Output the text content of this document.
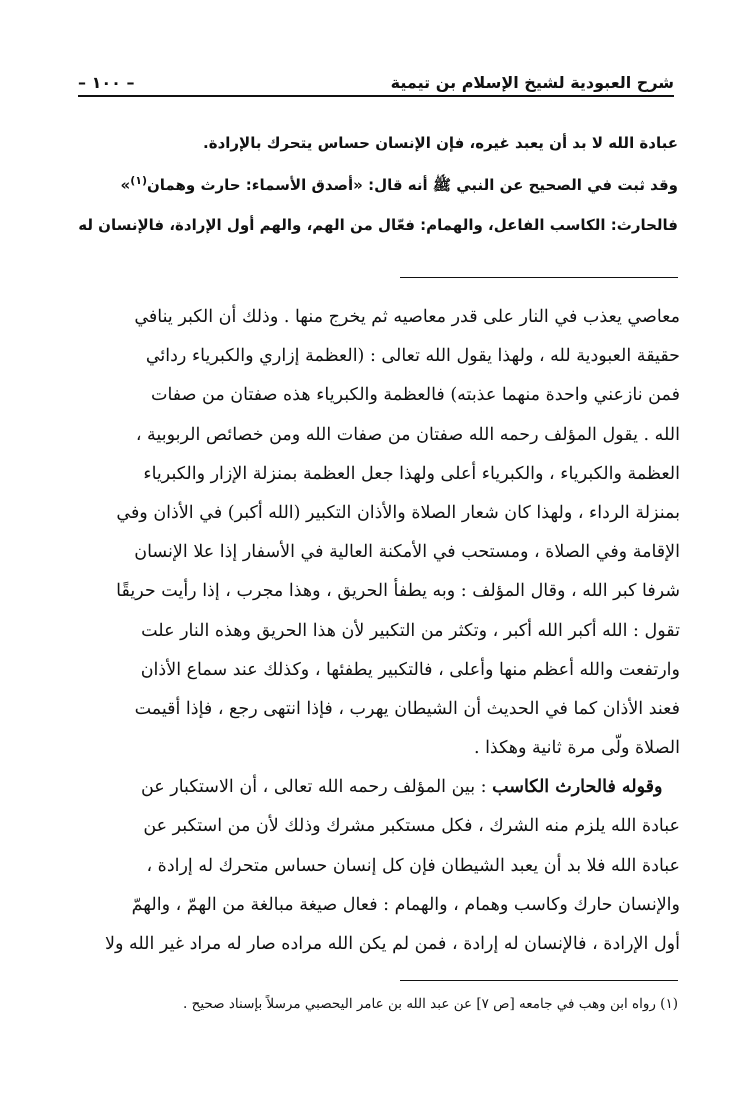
شرح العبودية لشيخ الإسلام بن تيمية
– ١٠٠ –
عبادة الله لا بد أن يعبد غيره، فإن الإنسان حساس يتحرك بالإرادة.
وقد ثبت في الصحيح عن النبي ﷺ أنه قال: «أصدق الأسماء: حارث وهمان$^{(١)}$»
فالحارث: الكاسب الفاعل، والهمام: فعّال من الهم، والهم أول الإرادة، فالإنسان له
معاصي يعذب في النار على قدر معاصيه ثم يخرج منها . وذلك أن الكبر ينافي
حقيقة العبودية لله ، ولهذا يقول الله تعالى : (العظمة إزاري والكبرياء ردائي
فمن نازعني واحدة منهما عذبته) فالعظمة والكبرياء هذه صفتان من صفات
الله . يقول المؤلف رحمه الله صفتان من صفات الله ومن خصائص الربوبية ،
العظمة والكبرياء ، والكبرياء أعلى ولهذا جعل العظمة بمنزلة الإزار والكبرياء
بمنزلة الرداء ، ولهذا كان شعار الصلاة والأذان التكبير (الله أكبر) في الأذان وفي
الإقامة وفي الصلاة ، ومستحب في الأمكنة العالية في الأسفار إذا علا الإنسان
شرفا كبر الله ، وقال المؤلف : وبه يطفأ الحريق ، وهذا مجرب ، إذا رأيت حريقًا
تقول : الله أكبر الله أكبر ، وتكثر من التكبير لأن هذا الحريق وهذه النار علت
وارتفعت والله أعظم منها وأعلى ، فالتكبير يطفئها ، وكذلك عند سماع الأذان
فعند الأذان كما في الحديث أن الشيطان يهرب ، فإذا انتهى رجع ، فإذا أقيمت
الصلاة ولّى مرة ثانية وهكذا .
 وقوله فالحارث الكاسب : بين المؤلف رحمه الله تعالى ، أن الاستكبار عن
عبادة الله يلزم منه الشرك ، فكل مستكبر مشرك وذلك لأن من استكبر عن
عبادة الله فلا بد أن يعبد الشيطان فإن كل إنسان حساس متحرك له إرادة ،
والإنسان حارك وكاسب وهمام ، والهمام : فعال صيغة مبالغة من الهمّ ، والهمّ
أول الإرادة ، فالإنسان له إرادة ، فمن لم يكن الله مراده صار له مراد غير الله ولا
(١) رواه ابن وهب في جامعه [ص ٧] عن عبد الله بن عامر اليحصبي مرسلاً بإسناد صحيح .
